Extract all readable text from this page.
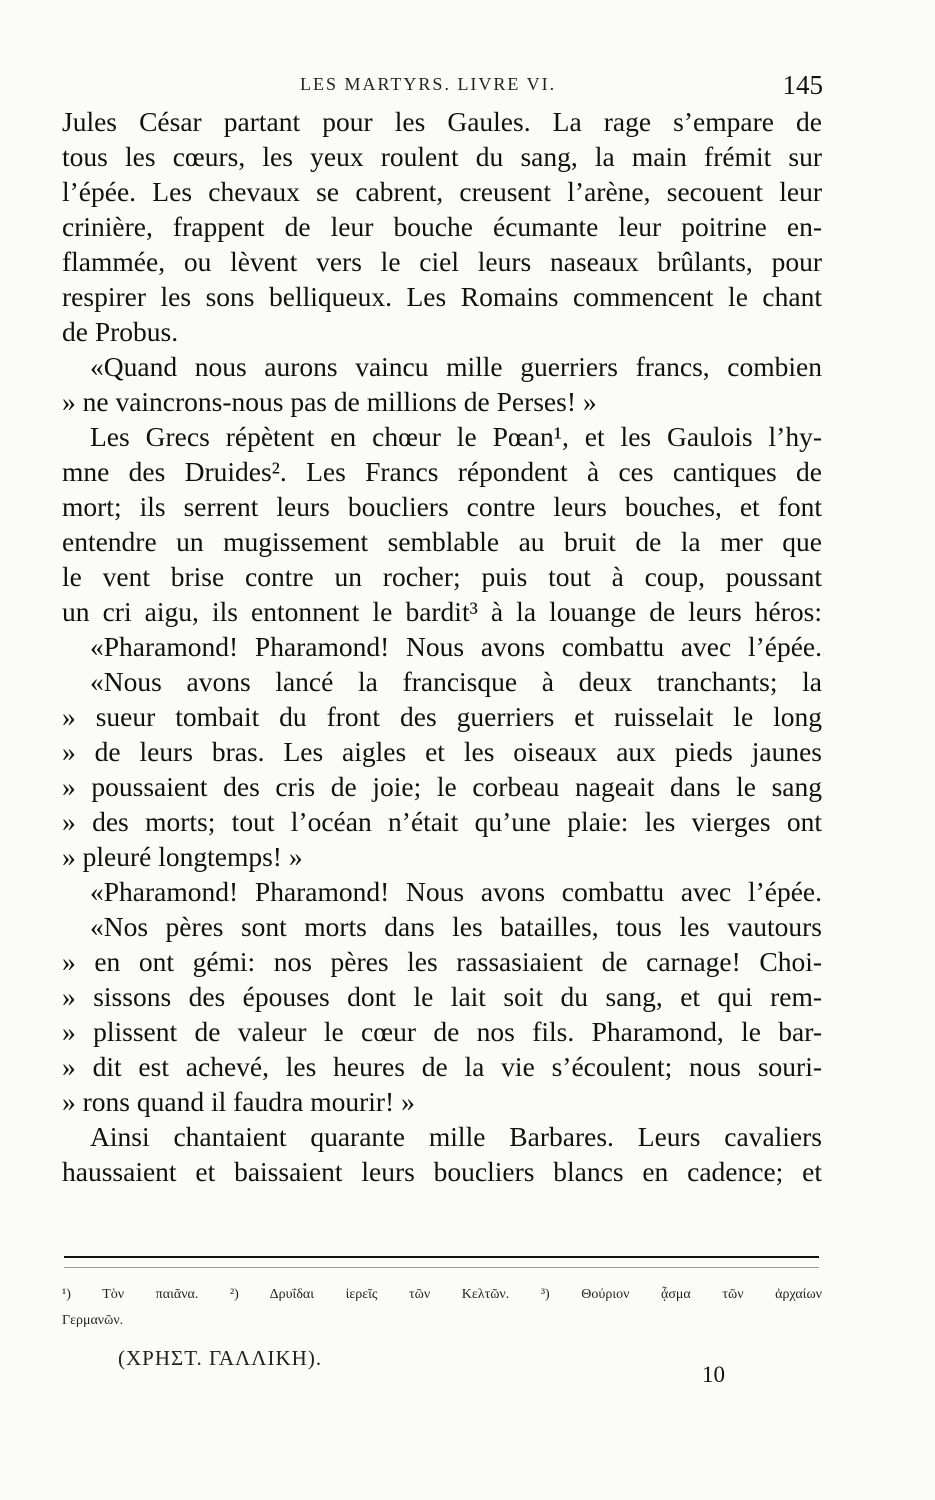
LES MARTYRS. LIVRE VI.	145
Jules César partant pour les Gaules. La rage s’empare de
tous les cœurs, les yeux roulent du sang, la main frémit sur
l’épée. Les chevaux se cabrent, creusent l’arène, secouent leur
crinière, frappent de leur bouche écumante leur poitrine en-
flammée, ou lèvent vers le ciel leurs naseaux brûlants, pour
respirer les sons belliqueux. Les Romains commencent le chant
de Probus.
«Quand nous aurons vaincu mille guerriers francs, combien
» ne vaincrons-nous pas de millions de Perses! »
Les Grecs répètent en chœur le Pœan¹, et les Gaulois l’hy-
mne des Druides². Les Francs répondent à ces cantiques de
mort; ils serrent leurs boucliers contre leurs bouches, et font
entendre un mugissement semblable au bruit de la mer que
le vent brise contre un rocher; puis tout à coup, poussant
un cri aigu, ils entonnent le bardit³ à la louange de leurs héros:
«Pharamond! Pharamond! Nous avons combattu avec l’épée.
«Nous avons lancé la francisque à deux tranchants; la
» sueur tombait du front des guerriers et ruisselait le long
» de leurs bras. Les aigles et les oiseaux aux pieds jaunes
» poussaient des cris de joie; le corbeau nageait dans le sang
» des morts; tout l’océan n’était qu’une plaie: les vierges ont
» pleuré longtemps! »
«Pharamond! Pharamond! Nous avons combattu avec l’épée.
«Nos pères sont morts dans les batailles, tous les vautours
» en ont gémi: nos pères les rassasiaient de carnage! Choi-
» sissons des épouses dont le lait soit du sang, et qui rem-
» plissent de valeur le cœur de nos fils. Pharamond, le bar-
» dit est achevé, les heures de la vie s’écoulent; nous souri-
» rons quand il faudra mourir! »
Ainsi chantaient quarante mille Barbares. Leurs cavaliers
haussaient et baissaient leurs boucliers blancs en cadence; et
¹) Τὸν παιᾶνα. ²) Δρυΐδαι ἱερεῖς τῶν Κελτῶν. ³) Θούριον ᾆσμα τῶν ἀρχαίων
Γερμανῶν.
(ΧΡΗΣΤ. ΓΑΛΛΙΚΗ).
10
